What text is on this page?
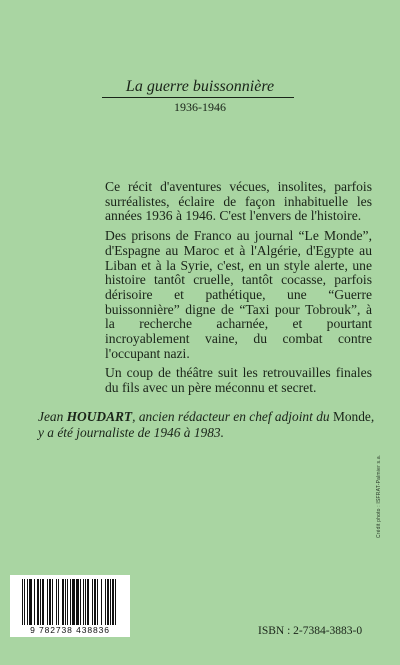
La guerre buissonnière
1936-1946

Ce récit d'aventures vécues, insolites, parfois surréalistes, éclaire de façon inhabituelle les années 1936 à 1946. C'est l'envers de l'histoire.

Des prisons de Franco au journal “Le Monde”, d'Espagne au Maroc et à l'Algérie, d'Egypte au Liban et à la Syrie, c'est, en un style alerte, une histoire tantôt cruelle, tantôt cocasse, parfois dérisoire et pathétique, une “Guerre buissonnière” digne de “Taxi pour Tobrouk”, à la recherche acharnée, et pourtant incroyablement vaine, du combat contre l'occupant nazi.

Un coup de théâtre suit les retrouvailles finales du fils avec un père méconnu et secret.

Jean HOUDART, ancien rédacteur en chef adjoint du Monde, y a été journaliste de 1946 à 1983.
Crédit photo : ISFRAT-Palmier s.a.
9 782738 438836	ISBN : 2-7384-3883-0
